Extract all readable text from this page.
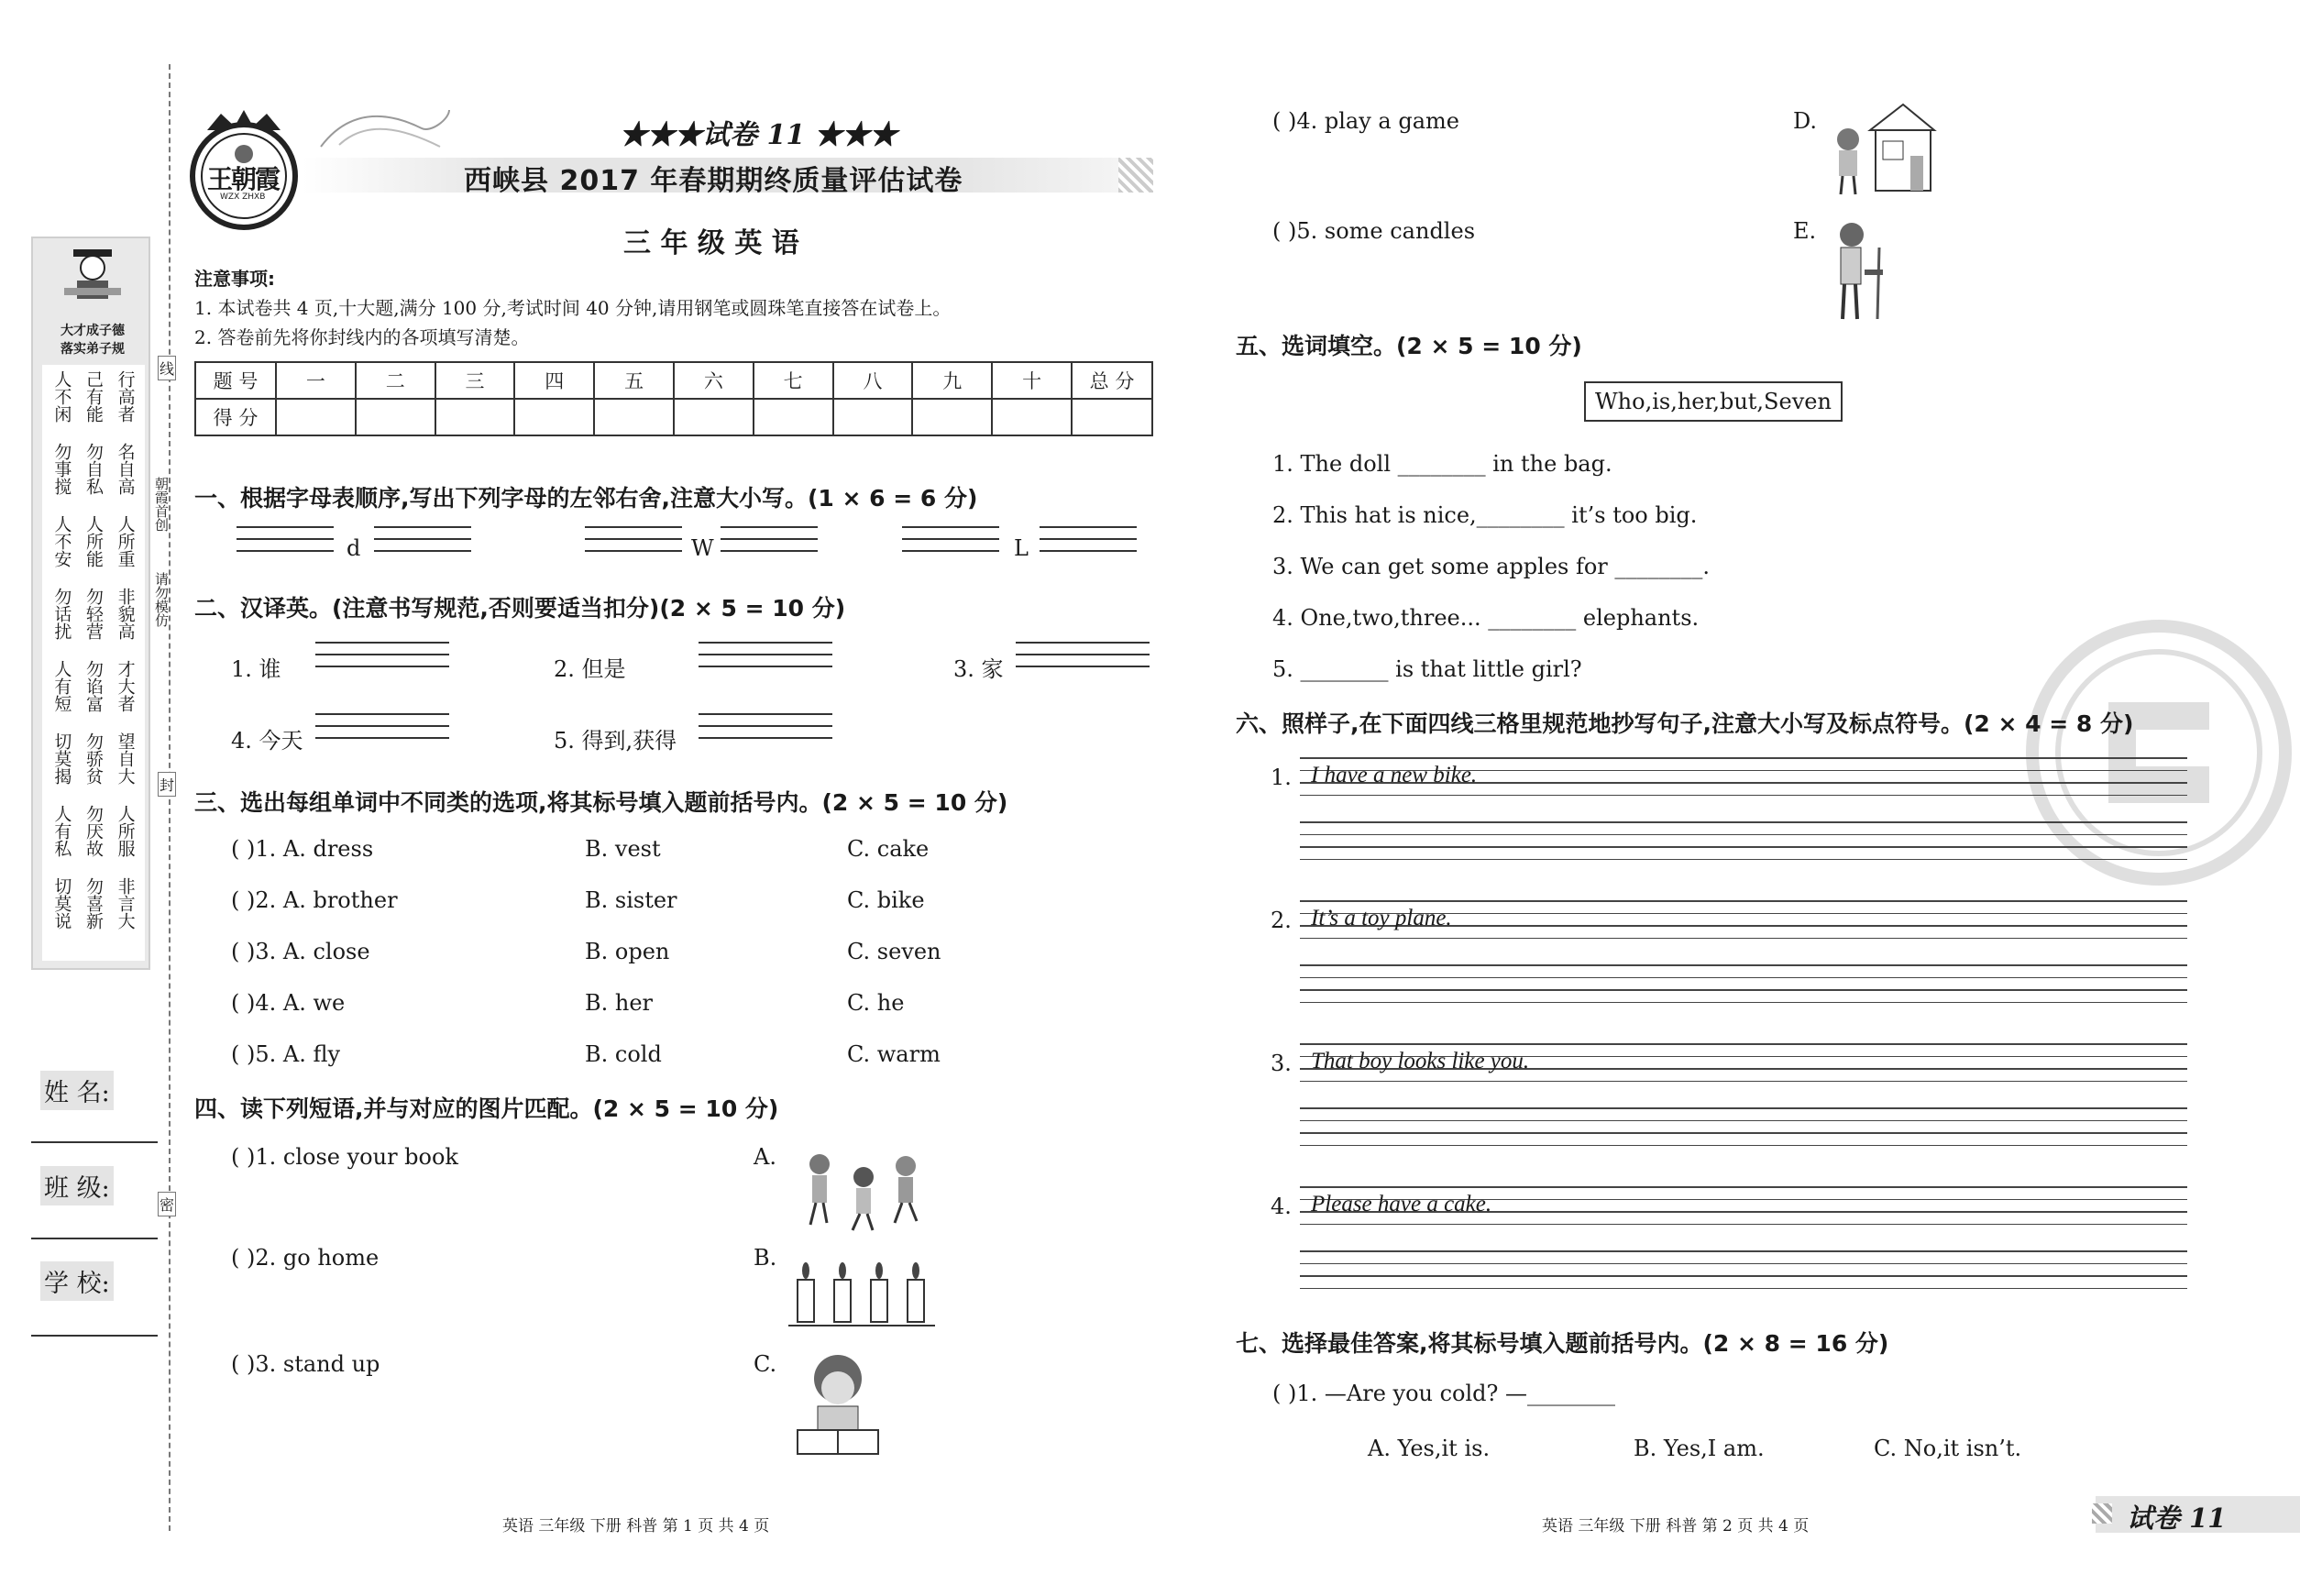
大才成子德
落实弟子规
人不闲 己有能 行高者
勿事搅 勿自私 名自高
人不安 人所能 人所重
勿话扰 勿轻营 非貌高
人有短 勿谄富 才大者
切莫揭 勿骄贫 望自大
人有私 勿厌故 人所服
切莫说 勿喜新 非言大
姓 名:
班 级:
学 校:
线
封
密
朝霞首创
请勿模仿
王朝霞
WZX ZHXB
★★★试卷 11 ★★★
西峡县 2017 年春期期终质量评估试卷
三 年 级 英 语
注意事项:
1. 本试卷共 4 页,十大题,满分 100 分,考试时间 40 分钟,请用钢笔或圆珠笔直接答在试卷上。
2. 答卷前先将你封线内的各项填写清楚。
题 号	一	二	三	四	五	六	七	八	九	十	总 分
得 分											
一、根据字母表顺序,写出下列字母的左邻右舍,注意大小写。(1 × 6 = 6 分)
d	W	L
二、汉译英。(注意书写规范,否则要适当扣分)(2 × 5 = 10 分)
1. 谁	2. 但是	3. 家
4. 今天	5. 得到,获得
三、选出每组单词中不同类的选项,将其标号填入题前括号内。(2 × 5 = 10 分)
( )1. A. dress	B. vest	C. cake
( )2. A. brother	B. sister	C. bike
( )3. A. close	B. open	C. seven
( )4. A. we	B. her	C. he
( )5. A. fly	B. cold	C. warm
四、读下列短语,并与对应的图片匹配。(2 × 5 = 10 分)
( )1. close your book
( )2. go home
( )3. stand up
A.
B.
C.
英语 三年级 下册 科普 第 1 页 共 4 页
( )4. play a game
( )5. some candles
D.
E.
五、选词填空。(2 × 5 = 10 分)
Who,is,her,but,Seven
1. The doll ________ in the bag.
2. This hat is nice,________ it’s too big.
3. We can get some apples for ________.
4. One,two,three... ________ elephants.
5. ________ is that little girl?
六、照样子,在下面四线三格里规范地抄写句子,注意大小写及标点符号。(2 × 4 = 8 分)
1. I have a new bike.
2. It’s a toy plane.
3. That boy looks like you.
4. Please have a cake.
七、选择最佳答案,将其标号填入题前括号内。(2 × 8 = 16 分)
( )1. —Are you cold? —________
A. Yes,it is.	B. Yes,I am.	C. No,it isn’t.
英语 三年级 下册 科普 第 2 页 共 4 页	试卷 11
